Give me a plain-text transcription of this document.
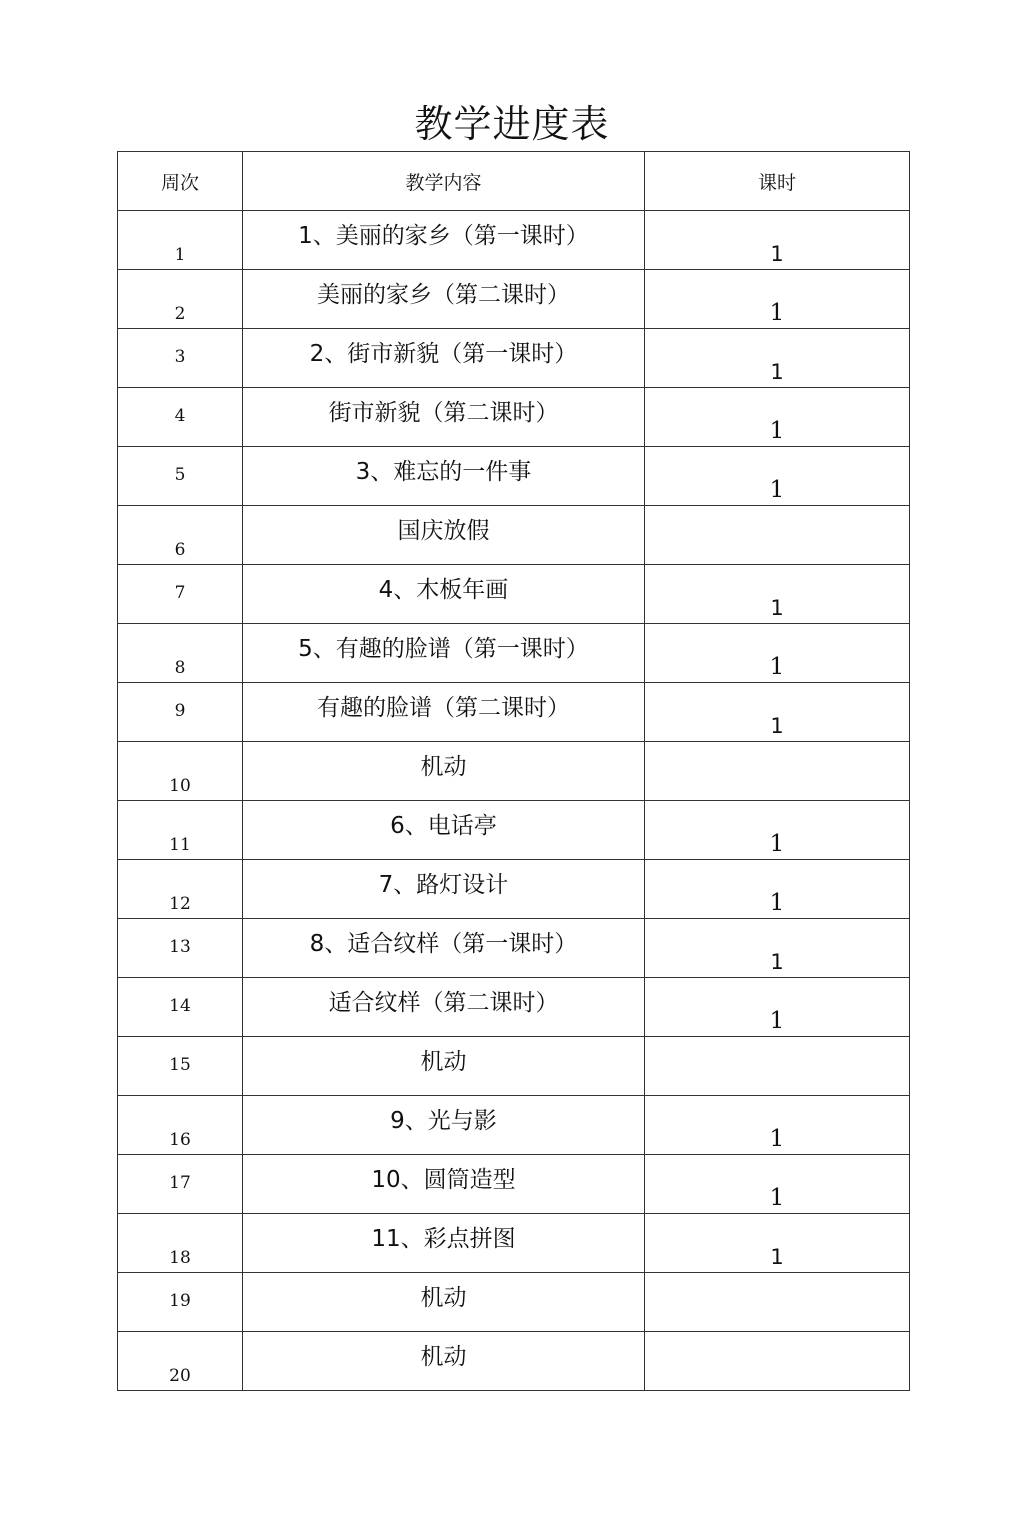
教学进度表
周次	教学内容	课时

1	1、美丽的家乡（第一课时）	1

2	美丽的家乡（第二课时）	1

3	2、街市新貌（第一课时）	1

4	街市新貌（第二课时）	1

5	3、难忘的一件事	1

6	国庆放假	

7	4、木板年画	1

8	5、有趣的脸谱（第一课时）	1

9	有趣的脸谱（第二课时）	1

10	机动	

11	6、电话亭	1

12	7、路灯设计	1

13	8、适合纹样（第一课时）	1

14	适合纹样（第二课时）	1

15	机动	

16	9、光与影	1

17	10、圆筒造型	1

18	11、彩点拼图	1

19	机动	

20	机动	
